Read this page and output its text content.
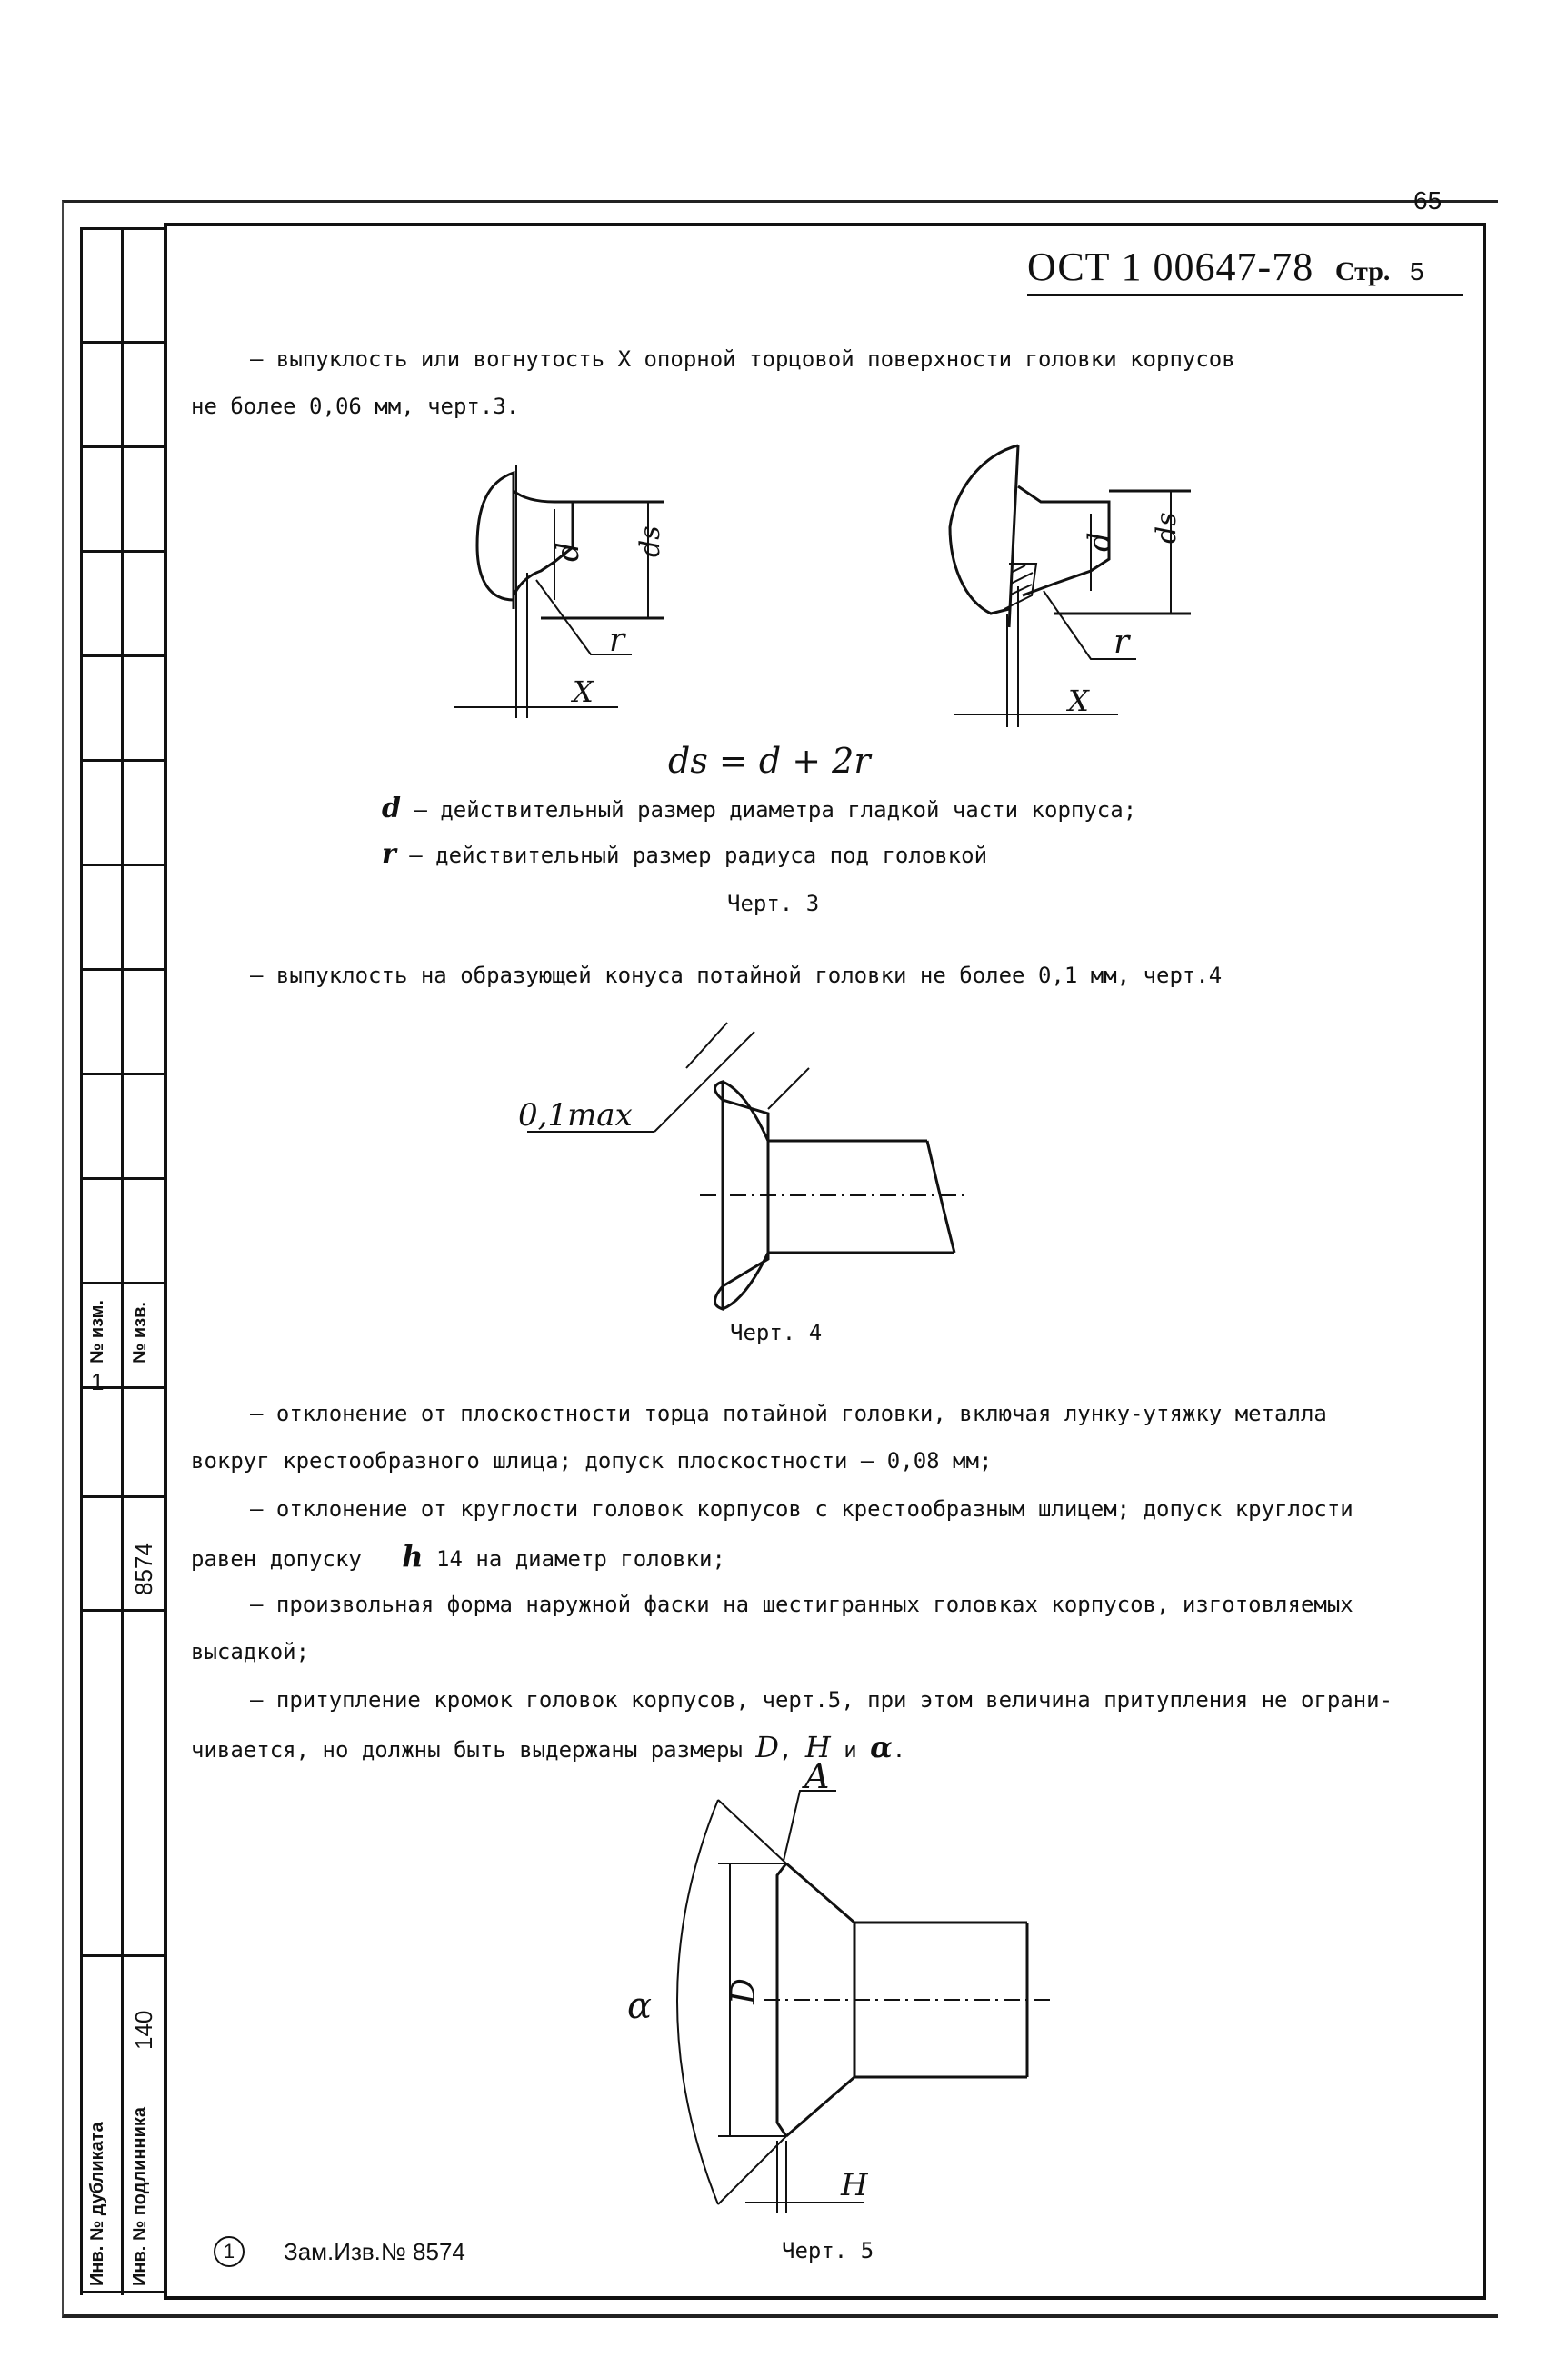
№ изм. № изв.
8574
1
140
Инв. № дубликата Инв. № подлинника
65
ОСТ 1 00647-78 Стр. 5
– выпуклость или вогнутость X опорной торцовой поверхности головки корпусов
не более 0,06 мм, черт.3.
d ds
r
X
d ds
r
X
ds = d + 2r
d – действительный размер диаметра гладкой части корпуса;
r – действительный размер радиуса под головкой
Черт. 3
– выпуклость на образующей конуса потайной головки не более 0,1 мм, черт.4
0,1max
Черт. 4
– отклонение от плоскостности торца потайной головки, включая лунку-утяжку металла
вокруг крестообразного шлица; допуск плоскостности – 0,08 мм;
– отклонение от круглости головок корпусов с крестообразным шлицем; допуск круглости
равен допуску h 14 на диаметр головки;
– произвольная форма наружной фаски на шестигранных головках корпусов, изготовляемых
высадкой;
– притупление кромок головок корпусов, черт.5, при этом величина притупления не ограни-
чивается, но должны быть выдержаны размеры D, H и α.
A
D
α
H
1	Зам.Изв.№ 8574	Черт. 5
